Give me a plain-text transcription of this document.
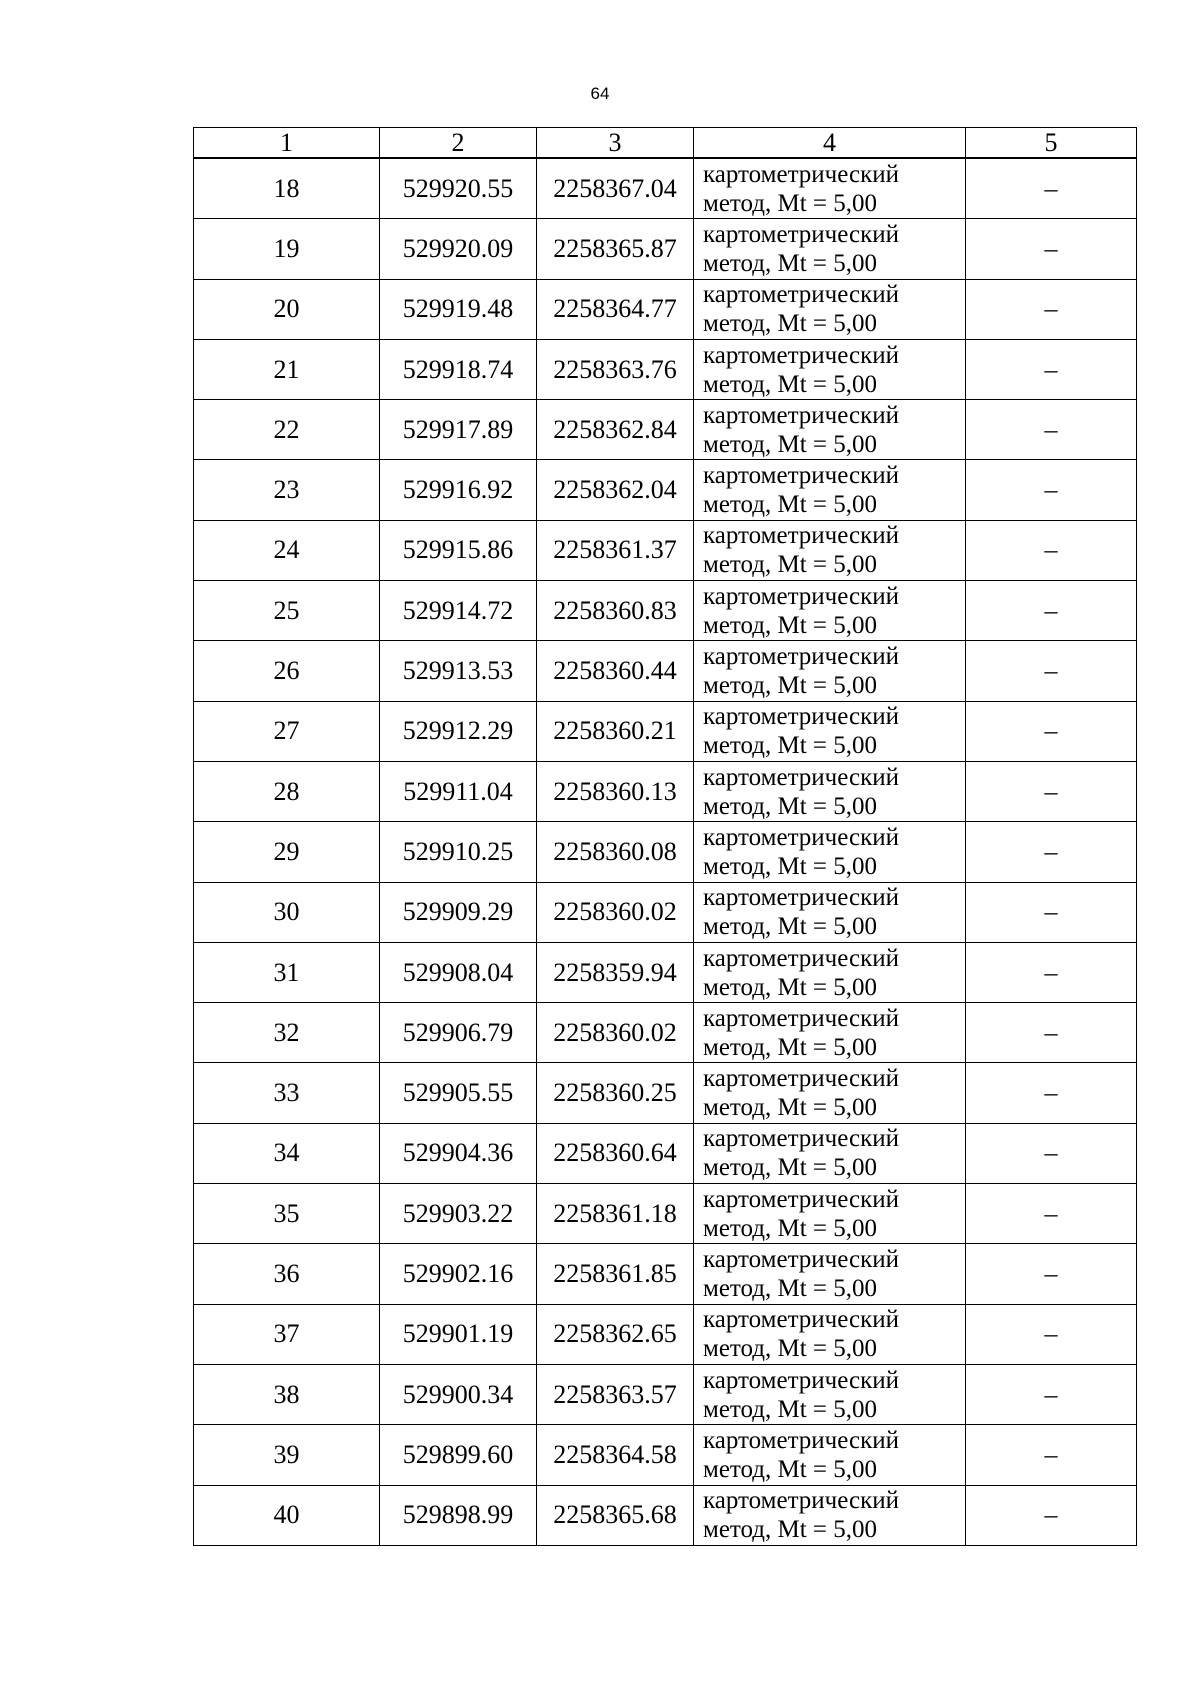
64
1	2	3	4	5
18	529920.55	2258367.04	картометрический
метод, Mt = 5,00	–
19	529920.09	2258365.87	картометрический
метод, Mt = 5,00	–
20	529919.48	2258364.77	картометрический
метод, Mt = 5,00	–
21	529918.74	2258363.76	картометрический
метод, Mt = 5,00	–
22	529917.89	2258362.84	картометрический
метод, Mt = 5,00	–
23	529916.92	2258362.04	картометрический
метод, Mt = 5,00	–
24	529915.86	2258361.37	картометрический
метод, Mt = 5,00	–
25	529914.72	2258360.83	картометрический
метод, Mt = 5,00	–
26	529913.53	2258360.44	картометрический
метод, Mt = 5,00	–
27	529912.29	2258360.21	картометрический
метод, Mt = 5,00	–
28	529911.04	2258360.13	картометрический
метод, Mt = 5,00	–
29	529910.25	2258360.08	картометрический
метод, Mt = 5,00	–
30	529909.29	2258360.02	картометрический
метод, Mt = 5,00	–
31	529908.04	2258359.94	картометрический
метод, Mt = 5,00	–
32	529906.79	2258360.02	картометрический
метод, Mt = 5,00	–
33	529905.55	2258360.25	картометрический
метод, Mt = 5,00	–
34	529904.36	2258360.64	картометрический
метод, Mt = 5,00	–
35	529903.22	2258361.18	картометрический
метод, Mt = 5,00	–
36	529902.16	2258361.85	картометрический
метод, Mt = 5,00	–
37	529901.19	2258362.65	картометрический
метод, Mt = 5,00	–
38	529900.34	2258363.57	картометрический
метод, Mt = 5,00	–
39	529899.60	2258364.58	картометрический
метод, Mt = 5,00	–
40	529898.99	2258365.68	картометрический
метод, Mt = 5,00	–
